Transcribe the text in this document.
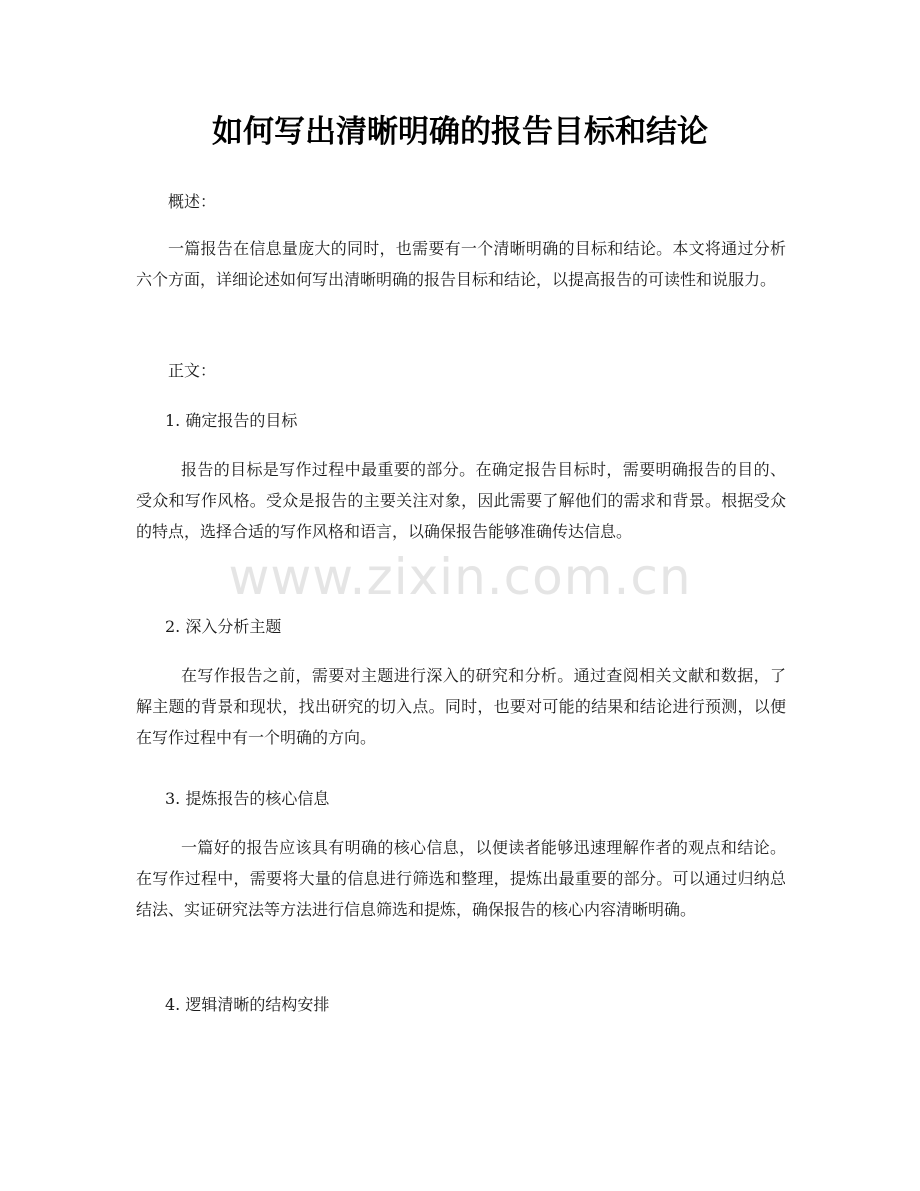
如何写出清晰明确的报告目标和结论

概述：

一篇报告在信息量庞大的同时，也需要有一个清晰明确的目标和结论。本文将通过分析六个方面，详细论述如何写出清晰明确的报告目标和结论，以提高报告的可读性和说服力。

正文：

1. 确定报告的目标

报告的目标是写作过程中最重要的部分。在确定报告目标时，需要明确报告的目的、受众和写作风格。受众是报告的主要关注对象，因此需要了解他们的需求和背景。根据受众的特点，选择合适的写作风格和语言，以确保报告能够准确传达信息。

2. 深入分析主题

在写作报告之前，需要对主题进行深入的研究和分析。通过查阅相关文献和数据，了解主题的背景和现状，找出研究的切入点。同时，也要对可能的结果和结论进行预测，以便在写作过程中有一个明确的方向。

3. 提炼报告的核心信息

一篇好的报告应该具有明确的核心信息，以便读者能够迅速理解作者的观点和结论。在写作过程中，需要将大量的信息进行筛选和整理，提炼出最重要的部分。可以通过归纳总结法、实证研究法等方法进行信息筛选和提炼，确保报告的核心内容清晰明确。

4. 逻辑清晰的结构安排

www.zixin.com.cn
